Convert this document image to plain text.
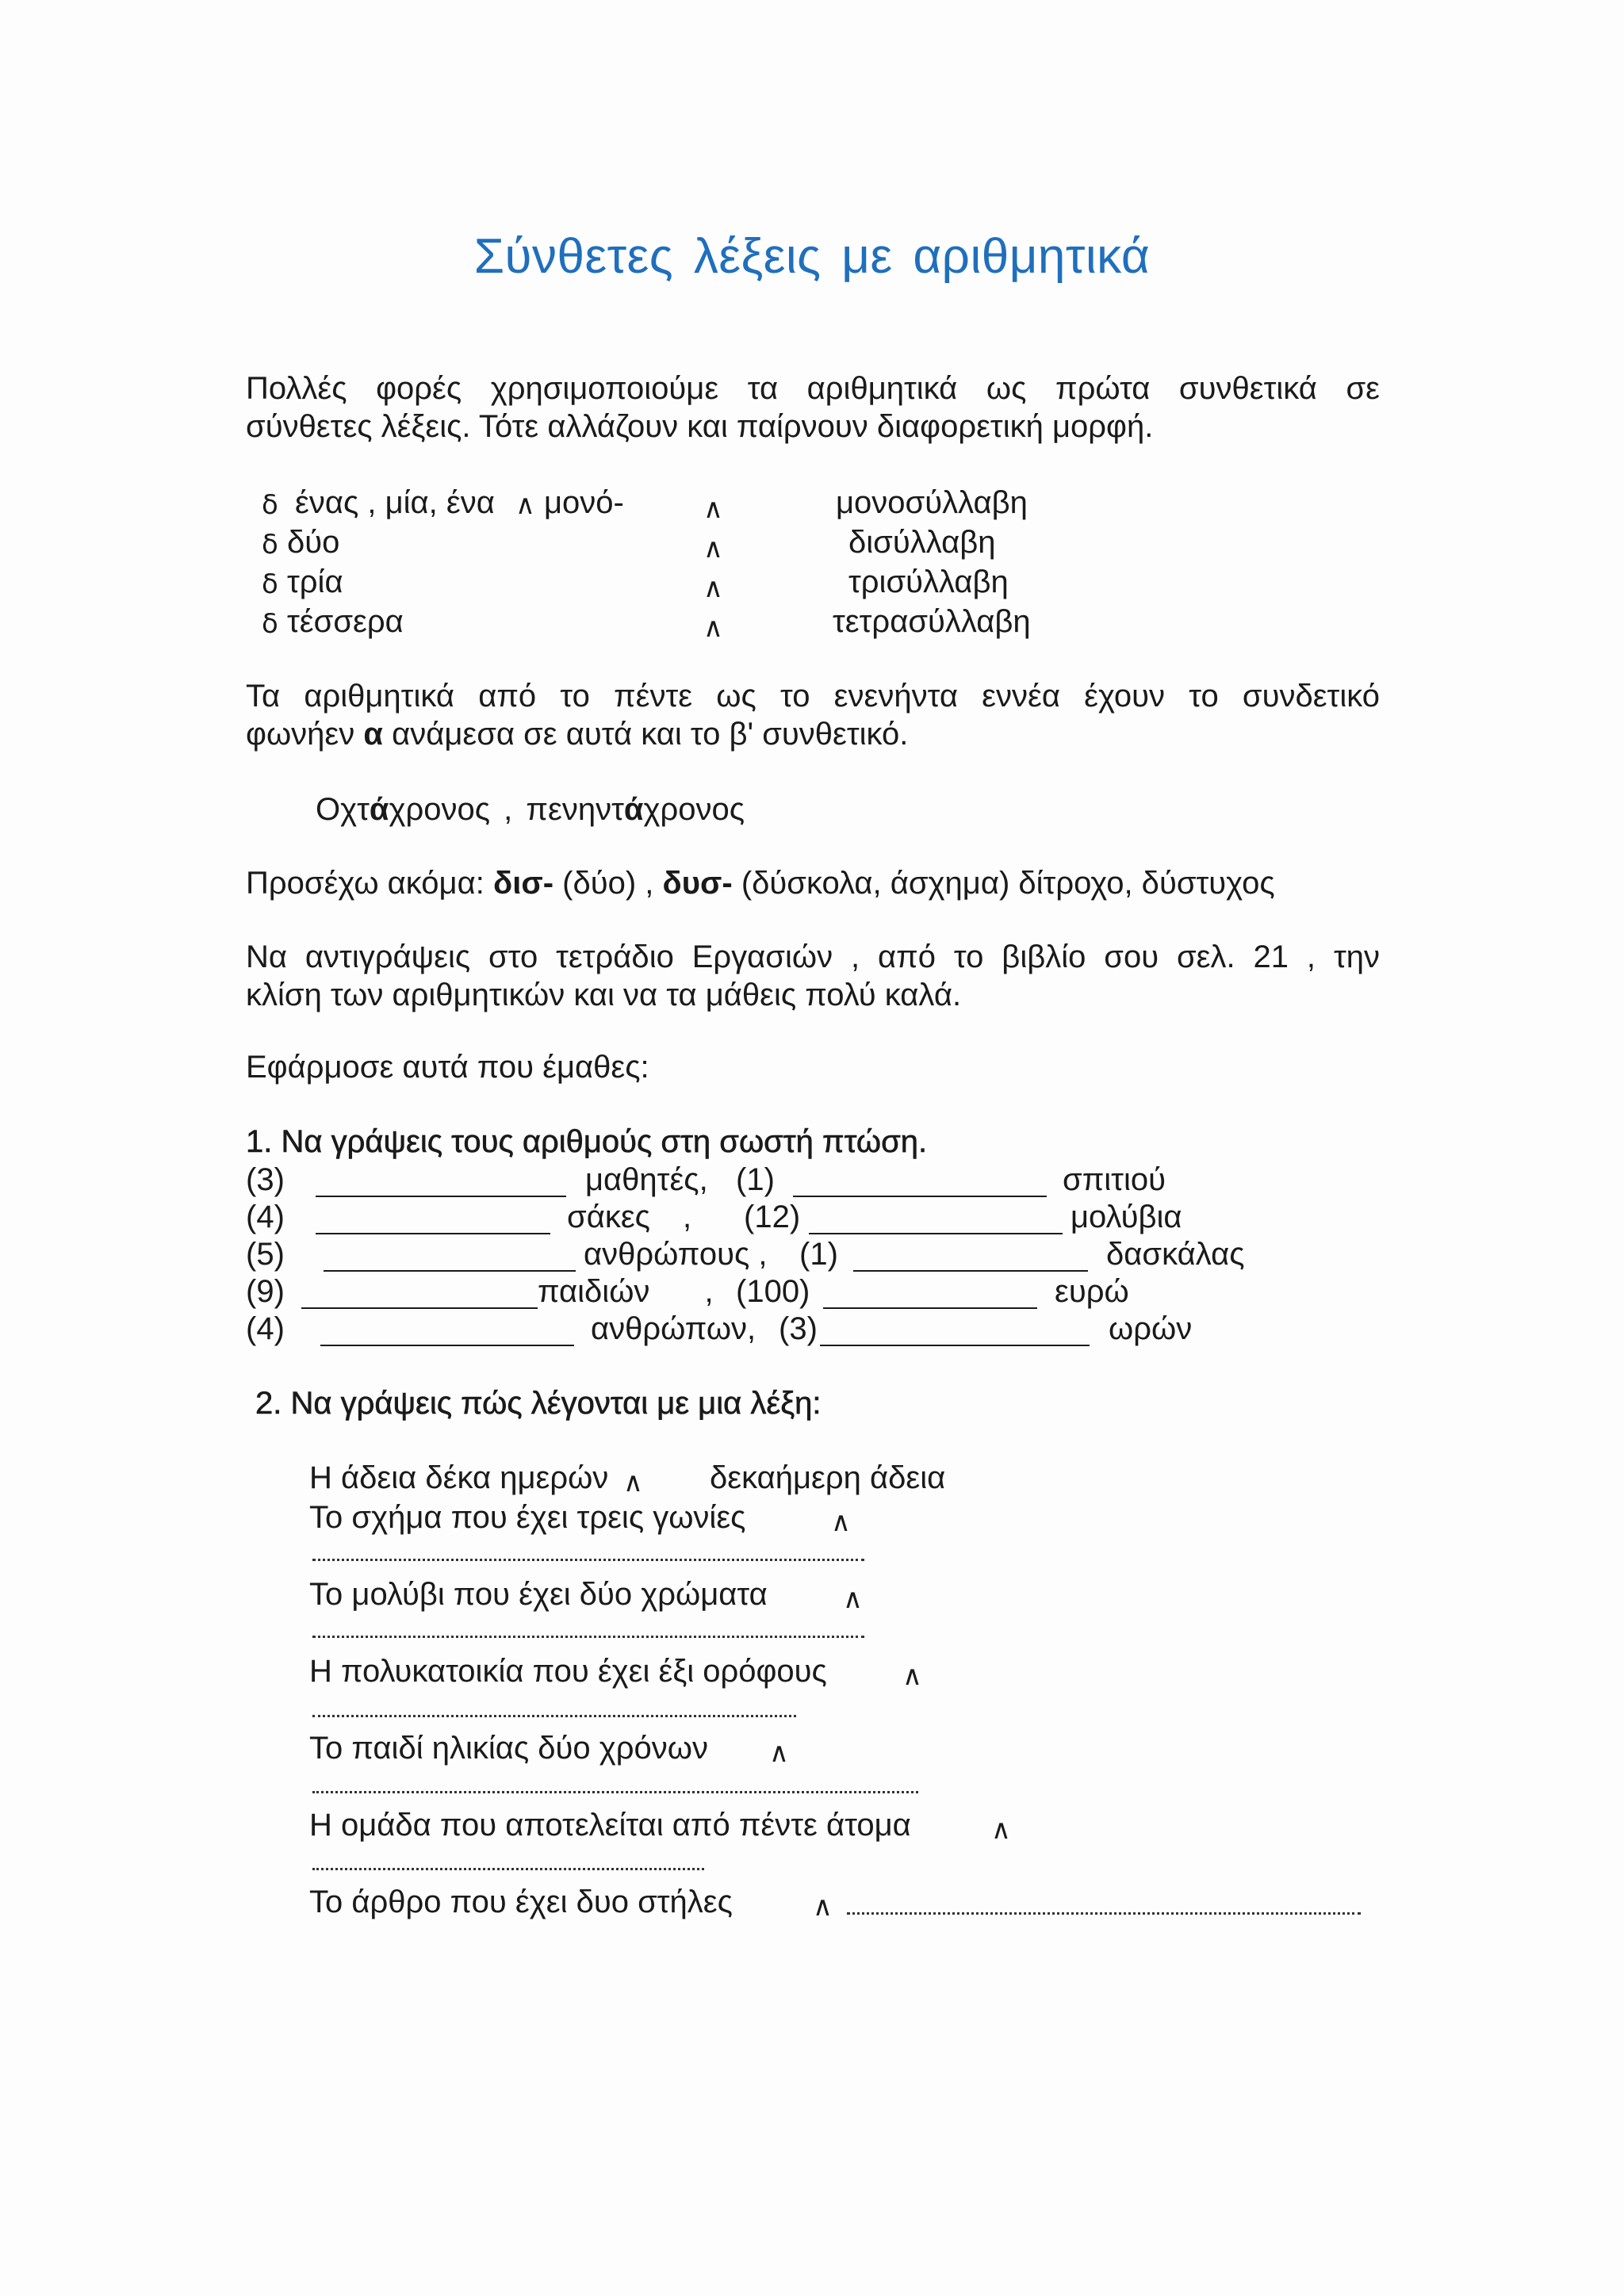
Σύνθετες λέξεις με αριθμητικά
Πολλές φορές χρησιμοποιούμε τα αριθμητικά ως πρώτα συνθετικά σε
σύνθετες λέξεις. Τότε αλλάζουν και παίρνουν διαφορετική μορφή.
δ ένας , μία, ένα ∧ μονό-	∧	μονοσύλλαβη
δ δύο	∧	δισύλλαβη
δ τρία	∧	τρισύλλαβη
δ τέσσερα	∧	τετρασύλλαβη
Τα αριθμητικά από το πέντε ως το ενενήντα εννέα έχουν το συνδετικό
φωνήεν α ανάμεσα σε αυτά και το β' συνθετικό.
Οχτάχρονος , πενηντάχρονος
Προσέχω ακόμα: δισ- (δύο) , δυσ- (δύσκολα, άσχημα) δίτροχο, δύστυχος
Να αντιγράψεις στο τετράδιο Εργασιών , από το βιβλίο σου σελ. 21 , την
κλίση των αριθμητικών και να τα μάθεις πολύ καλά.
Εφάρμοσε αυτά που έμαθες:
1. Να γράψεις τους αριθμούς στη σωστή πτώση.
(3)	μαθητές, (1)	σπιτιού
(4)	σάκες , (12)	μολύβια
(5)	ανθρώπους , (1)	δασκάλας
(9)	παιδιών , (100)	ευρώ
(4)	ανθρώπων, (3)	ωρών
2. Να γράψεις πώς λέγονται με μια λέξη:
Η άδεια δέκα ημερών ∧ δεκαήμερη άδεια
Το σχήμα που έχει τρεις γωνίες	∧
Το μολύβι που έχει δύο χρώματα	∧
Η πολυκατοικία που έχει έξι ορόφους	∧
Το παιδί ηλικίας δύο χρόνων ∧
Η ομάδα που αποτελείται από πέντε άτομα	∧
Το άρθρο που έχει δυο στήλες	∧
